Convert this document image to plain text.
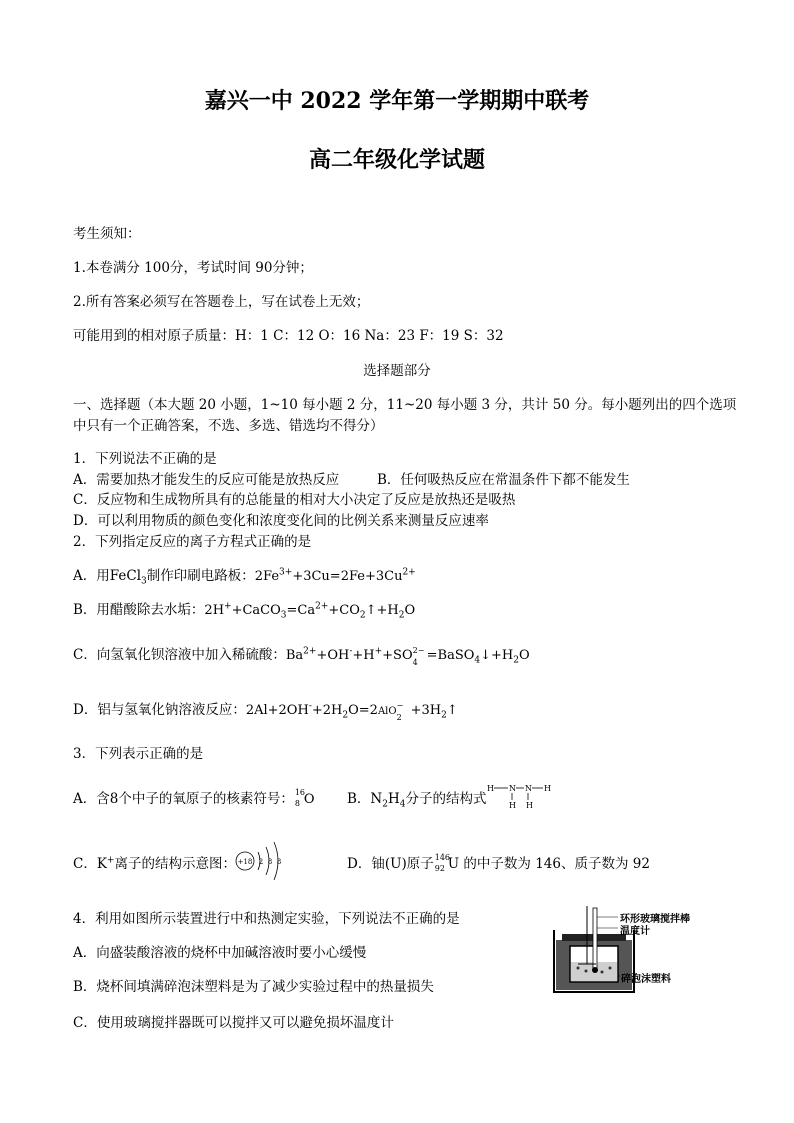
嘉兴一中 2022 学年第一学期期中联考
高二年级化学试题
考生须知：
1.本卷满分 100分，考试时间 90分钟；
2.所有答案必须写在答题卷上，写在试卷上无效；
可能用到的相对原子质量：H：1 C：12 O：16 Na：23 F：19 S：32
选择题部分
一、选择题（本大题 20 小题，1~10 每小题 2 分，11~20 每小题 3 分，共计 50 分。每小题列出的四个选项
中只有一个正确答案，不选、多选、错选均不得分）
1．下列说法不正确的是
A．需要加热才能发生的反应可能是放热反应	B．任何吸热反应在常温条件下都不能发生
C．反应物和生成物所具有的总能量的相对大小决定了反应是放热还是吸热
D．可以利用物质的颜色变化和浓度变化间的比例关系来测量反应速率
2．下列指定反应的离子方程式正确的是
A．用FeCl$_3$制作印刷电路板：$2Fe^{3+}+3Cu=2Fe+3Cu^{2+}$
B．用醋酸除去水垢：$2H^++CaCO_3=Ca^{2+}+CO_2↑+H_2O$
C．向氢氧化钡溶液中加入稀硫酸：$Ba^{2+}+OH^-+H^++SO$ 2−
$4 =BaSO_4↓+H_2O$
D．铝与氢氧化钠溶液反应：$2Al+2OH^-+2H_2O=2AlO$
−
$2 +3H_2↑$
3．下列表示正确的是
A．含8个中子的氧原子的核素符号： 16
8 O B．$N_2H_4$分子的结构式
H N N H
H H
C．K+离子的结构示意图： +18 2 8 8	D．铀(U)原子 146
92 U 的中子数为 146、质子数为 92
4．利用如图所示装置进行中和热测定实验，下列说法不正确的是
A．向盛装酸溶液的烧杯中加碱溶液时要小心缓慢
B．烧杯间填满碎泡沫塑料是为了减少实验过程中的热量损失
C．使用玻璃搅拌器既可以搅拌又可以避免损坏温度计
环形玻璃搅拌棒
温度计
碎泡沫塑料
